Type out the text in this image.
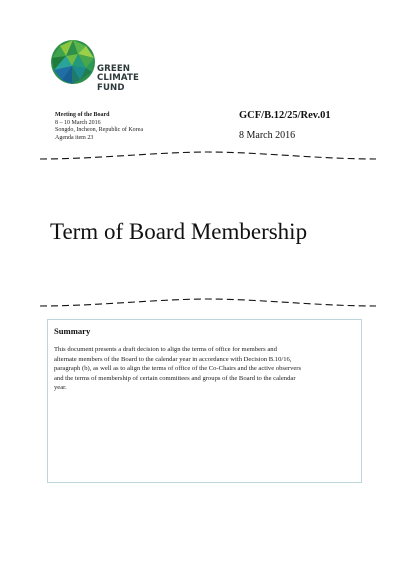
GREEN
CLIMATE
FUND
Meeting of the Board
8 – 10 March 2016
Songdo, Incheon, Republic of Korea
Agenda item 23
GCF/B.12/25/Rev.01
8 March 2016
Term of Board Membership
Summary
This document presents a draft decision to align the terms of office for members and
alternate members of the Board to the calendar year in accordance with Decision B.10/16,
paragraph (b), as well as to align the terms of office of the Co-Chairs and the active observers
and the terms of membership of certain committees and groups of the Board to the calendar
year.
